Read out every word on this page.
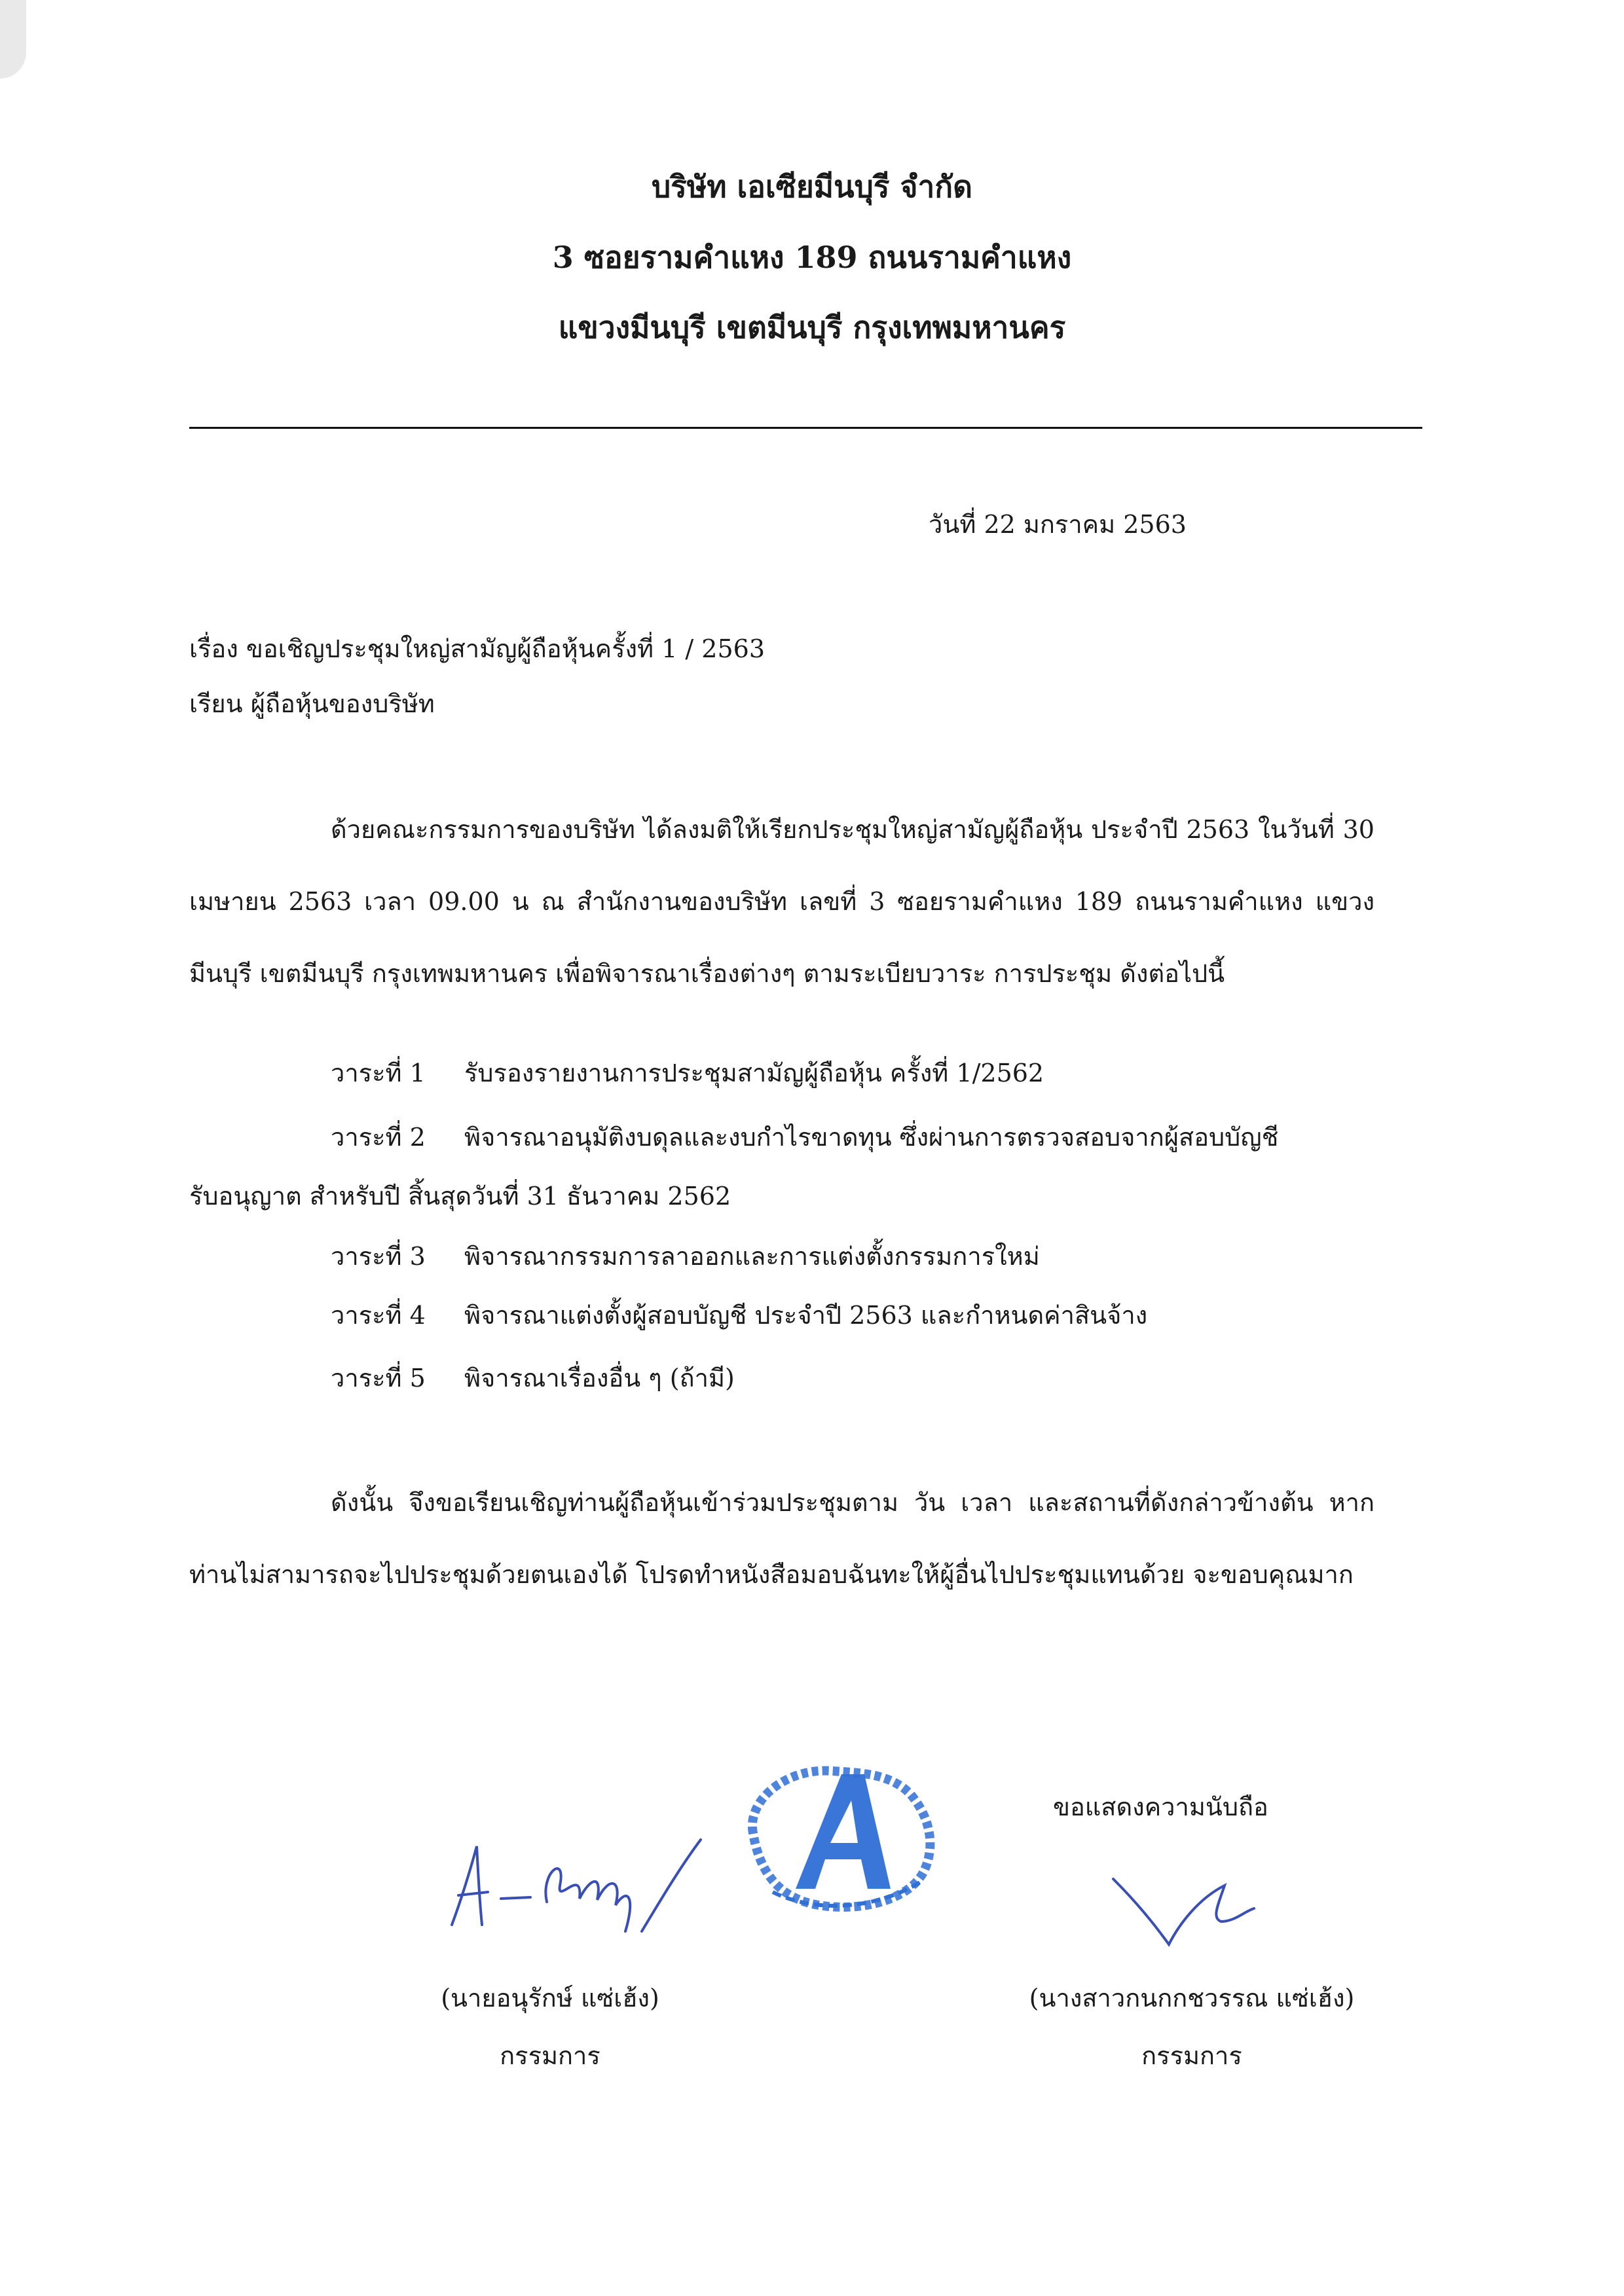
บริษัท เอเซียมีนบุรี จำกัด
3 ซอยรามคำแหง 189 ถนนรามคำแหง
แขวงมีนบุรี เขตมีนบุรี กรุงเทพมหานคร
วันที่ 22 มกราคม 2563
เรื่อง ขอเชิญประชุมใหญ่สามัญผู้ถือหุ้นครั้งที่ 1 / 2563
เรียน ผู้ถือหุ้นของบริษัท
ด้วยคณะกรรมการของบริษัท ได้ลงมติให้เรียกประชุมใหญ่สามัญผู้ถือหุ้น ประจำปี 2563 ในวันที่ 30 เมษายน 2563 เวลา 09.00 น ณ สำนักงานของบริษัท เลขที่ 3 ซอยรามคำแหง 189 ถนนรามคำแหง แขวงมีนบุรี เขตมีนบุรี กรุงเทพมหานคร เพื่อพิจารณาเรื่องต่างๆ ตามระเบียบวาระ การประชุม ดังต่อไปนี้
วาระที่ 1 รับรองรายงานการประชุมสามัญผู้ถือหุ้น ครั้งที่ 1/2562
วาระที่ 2 พิจารณาอนุมัติงบดุลและงบกำไรขาดทุน ซึ่งผ่านการตรวจสอบจากผู้สอบบัญชี
รับอนุญาต สำหรับปี สิ้นสุดวันที่ 31 ธันวาคม 2562
วาระที่ 3 พิจารณากรรมการลาออกและการแต่งตั้งกรรมการใหม่
วาระที่ 4 พิจารณาแต่งตั้งผู้สอบบัญชี ประจำปี 2563 และกำหนดค่าสินจ้าง
วาระที่ 5 พิจารณาเรื่องอื่น ๆ (ถ้ามี)
ดังนั้น จึงขอเรียนเชิญท่านผู้ถือหุ้นเข้าร่วมประชุมตาม วัน เวลา และสถานที่ดังกล่าวข้างต้น หากท่านไม่สามารถจะไปประชุมด้วยตนเองได้ โปรดทำหนังสือมอบฉันทะให้ผู้อื่นไปประชุมแทนด้วย จะขอบคุณมาก
ขอแสดงความนับถือ
(นายอนุรักษ์ แซ่เฮ้ง)
กรรมการ
(นางสาวกนกกชวรรณ แซ่เฮ้ง)
กรรมการ
